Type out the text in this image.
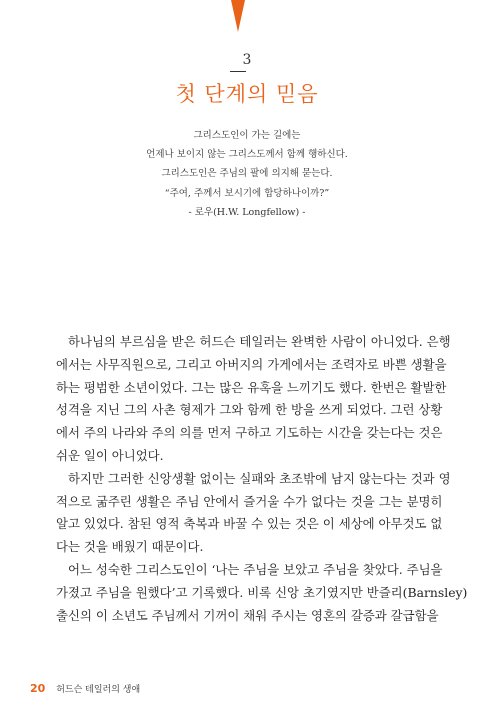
3
첫 단계의 믿음

그리스도인이 가는 길에는

언제나 보이지 않는 그리스도께서 함께 행하신다.

그리스도인은 주님의 팔에 의지해 묻는다.

“주여, 주께서 보시기에 합당하나이까?”

- 로우(H.W. Longfellow) -

하나님의 부르심을 받은 허드슨 테일러는 완벽한 사람이 아니었다. 은행
에서는 사무직원으로, 그리고 아버지의 가게에서는 조력자로 바쁜 생활을
하는 평범한 소년이었다. 그는 많은 유혹을 느끼기도 했다. 한번은 활발한
성격을 지닌 그의 사촌 형제가 그와 함께 한 방을 쓰게 되었다. 그런 상황
에서 주의 나라와 주의 의를 먼저 구하고 기도하는 시간을 갖는다는 것은
쉬운 일이 아니었다.

하지만 그러한 신앙생활 없이는 실패와 초조밖에 남지 않는다는 것과 영
적으로 굶주린 생활은 주님 안에서 즐거울 수가 없다는 것을 그는 분명히
알고 있었다. 참된 영적 축복과 바꿀 수 있는 것은 이 세상에 아무것도 없
다는 것을 배웠기 때문이다.

어느 성숙한 그리스도인이 ‘나는 주님을 보았고 주님을 찾았다. 주님을
가졌고 주님을 원했다’고 기록했다. 비록 신앙 초기였지만 반즐리(Barnsley)
출신의 이 소년도 주님께서 기꺼이 채워 주시는 영혼의 갈증과 갈급함을

20 허드슨 테일러의 생애
